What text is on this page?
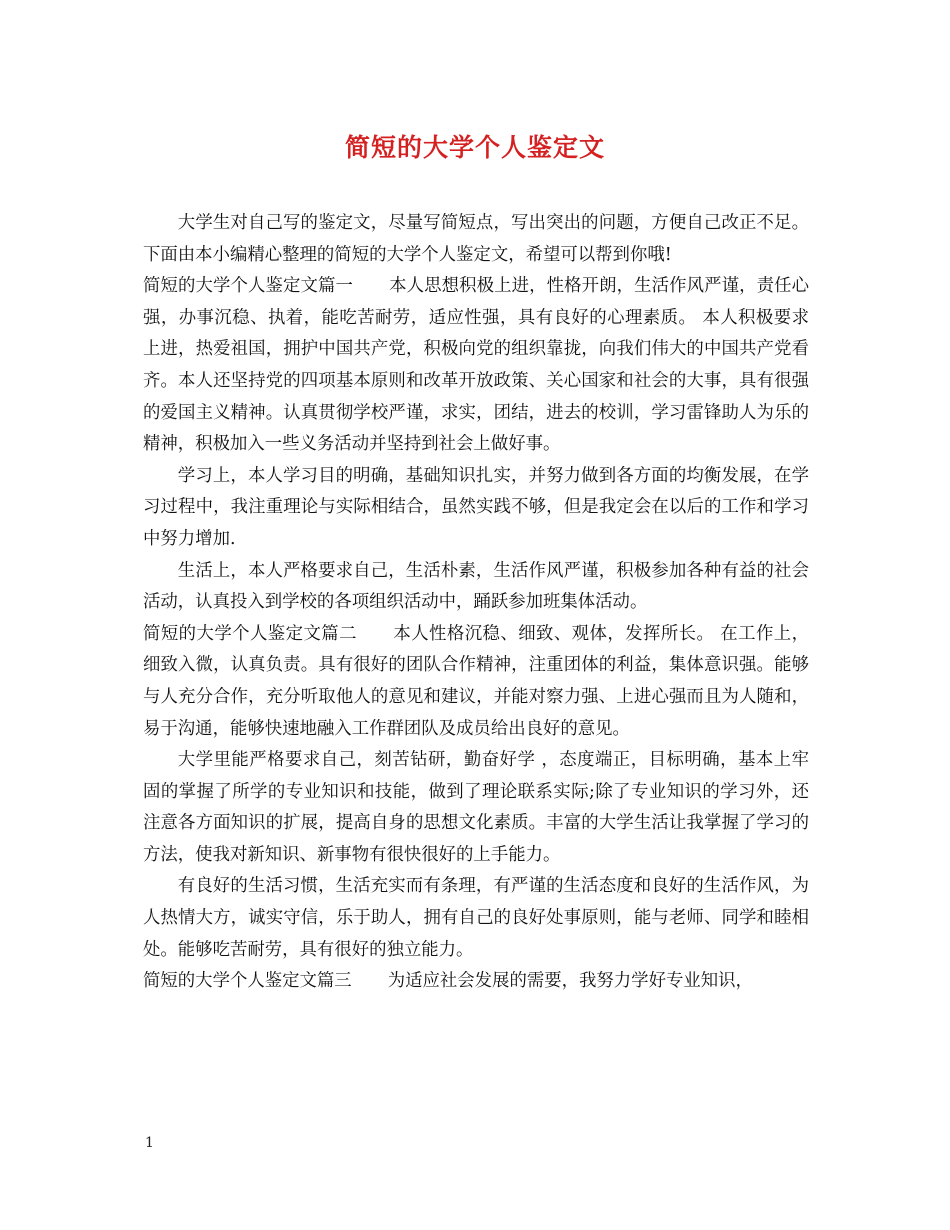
简短的大学个人鉴定文

大学生对自己写的鉴定文，尽量写简短点，写出突出的问题，方便自己改正不足。下面由本小编精心整理的简短的大学个人鉴定文，希望可以帮到你哦!

简短的大学个人鉴定文篇一 本人思想积极上进，性格开朗，生活作风严谨，责任心强，办事沉稳、执着，能吃苦耐劳，适应性强，具有良好的心理素质。 本人积极要求上进，热爱祖国，拥护中国共产党，积极向党的组织靠拢，向我们伟大的中国共产党看齐。本人还坚持党的四项基本原则和改革开放政策、关心国家和社会的大事，具有很强的爱国主义精神。认真贯彻学校严谨，求实，团结，进去的校训，学习雷锋助人为乐的精神，积极加入一些义务活动并坚持到社会上做好事。

学习上，本人学习目的明确，基础知识扎实，并努力做到各方面的均衡发展，在学习过程中，我注重理论与实际相结合，虽然实践不够，但是我定会在以后的工作和学习中努力增加.

生活上，本人严格要求自己，生活朴素，生活作风严谨，积极参加各种有益的社会活动，认真投入到学校的各项组织活动中，踊跃参加班集体活动。

简短的大学个人鉴定文篇二 本人性格沉稳、细致、观体，发挥所长。 在工作上，细致入微，认真负责。具有很好的团队合作精神，注重团体的利益，集体意识强。能够与人充分合作，充分听取他人的意见和建议，并能对察力强、上进心强而且为人随和，易于沟通，能够快速地融入工作群团队及成员给出良好的意见。

大学里能严格要求自己，刻苦钻研，勤奋好学 ，态度端正，目标明确，基本上牢固的掌握了所学的专业知识和技能，做到了理论联系实际;除了专业知识的学习外，还注意各方面知识的扩展，提高自身的思想文化素质。丰富的大学生活让我掌握了学习的方法，使我对新知识、新事物有很快很好的上手能力。

有良好的生活习惯，生活充实而有条理，有严谨的生活态度和良好的生活作风，为人热情大方，诚实守信，乐于助人，拥有自己的良好处事原则，能与老师、同学和睦相处。能够吃苦耐劳，具有很好的独立能力。

简短的大学个人鉴定文篇三 为适应社会发展的需要，我努力学好专业知识，

1
